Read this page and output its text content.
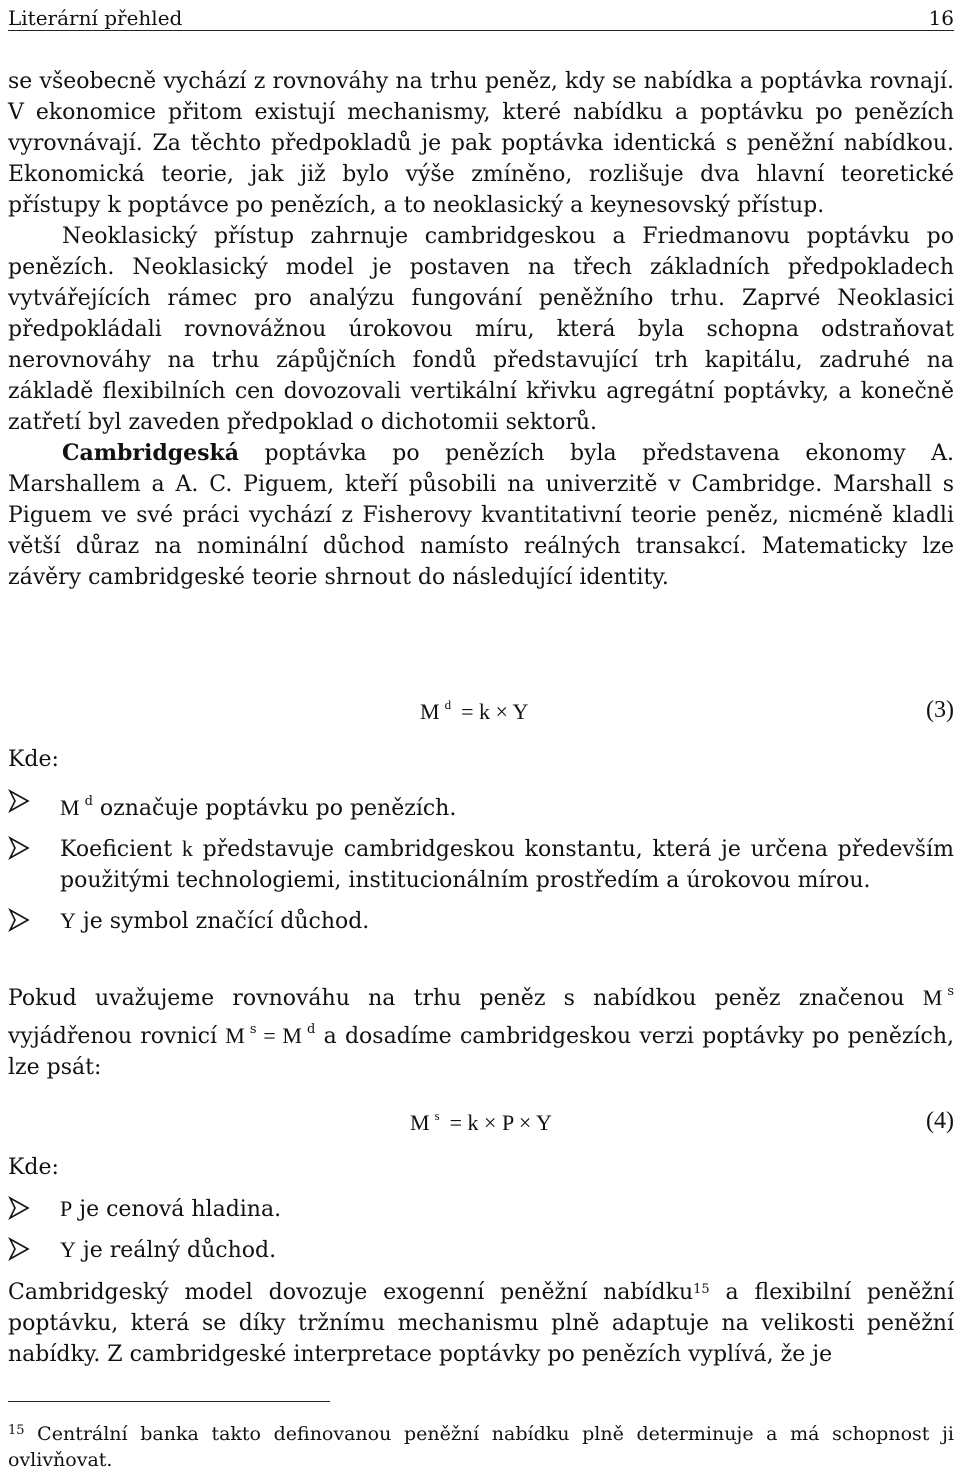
Literární přehled	16

se všeobecně vychází z rovnováhy na trhu peněz, kdy se nabídka a poptávka rovnají. V ekonomice přitom existují mechanismy, které nabídku a poptávku po penězích vyrovnávají. Za těchto předpokladů je pak poptávka identická s peněžní nabídkou. Ekonomická teorie, jak již bylo výše zmíněno, rozlišuje dva hlavní teoretické přístupy k poptávce po penězích, a to neoklasický a keynesovský přístup.

Neoklasický přístup zahrnuje cambridgeskou a Friedmanovu poptávku po penězích. Neoklasický model je postaven na třech základních předpokladech vytvářejících rámec pro analýzu fungování peněžního trhu. Zaprvé Neoklasici předpokládali rovnovážnou úrokovou míru, která byla schopna odstraňovat nerovnováhy na trhu zápůjčních fondů představující trh kapitálu, zadruhé na základě flexibilních cen dovozovali vertikální křivku agregátní poptávky, a konečně zatřetí byl zaveden předpoklad o dichotomii sektorů.

Cambridgeská poptávka po penězích byla představena ekonomy A. Marshallem a A. C. Piguem, kteří působili na univerzitě v Cambridge. Marshall s Piguem ve své práci vychází z Fisherovy kvantitativní teorie peněz, nicméně kladli větší důraz na nominální důchod namísto reálných transakcí. Matematicky lze závěry cambridgeské teorie shrnout do následující identity.

M $^d$ = k × Y	(3)
Kde:
M $^d$ označuje poptávku po penězích.
Koeficient k představuje cambridgeskou konstantu, která je určena především použitými technologiemi, institucionálním prostředím a úrokovou mírou.
Y je symbol značící důchod.

Pokud uvažujeme rovnováhu na trhu peněz s nabídkou peněz značenou M $^s$ vyjádřenou rovnicí M $^s$ = M $^d$ a dosadíme cambridgeskou verzi poptávky po penězích, lze psát:

M $^s$ = k × P × Y	(4)
Kde:
P je cenová hladina.
Y je reálný důchod.

Cambridgeský model dovozuje exogenní peněžní nabídku$^{15}$ a flexibilní peněžní poptávku, která se díky tržnímu mechanismu plně adaptuje na velikosti peněžní nabídky. Z cambridgeské interpretace poptávky po penězích vyplívá, že je

$^{15}$ Centrální banka takto definovanou peněžní nabídku plně determinuje a má schopnost ji ovlivňovat.
